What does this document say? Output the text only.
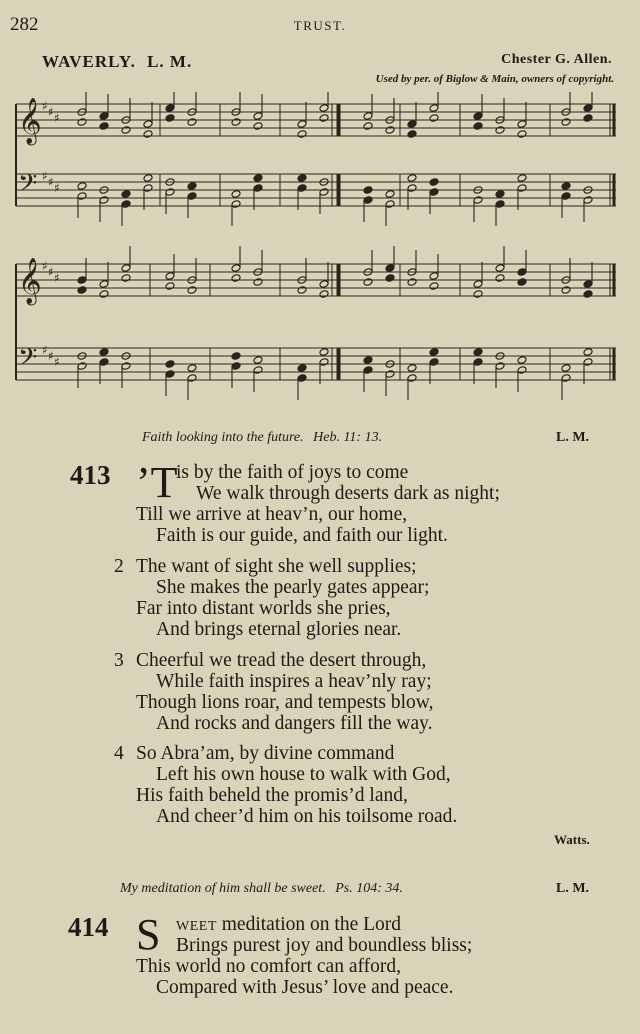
282	TRUST.
WAVERLY. L. M.	Chester G. Allen.
Used by per. of Biglow & Main, owners of copyright.
𝄞 ♯ ♯ ♯
𝄢 ♯ ♯ ♯
𝄞 ♯ ♯ ♯
𝄢 ♯ ♯ ♯
Faith looking into the future. Heb. 11: 13.	L. M.
413 ’T
is by the faith of joys to come
We walk through deserts dark as night;
Till we arrive at heav’n, our home,
Faith is our guide, and faith our light.
2 The want of sight she well supplies;
She makes the pearly gates appear;
Far into distant worlds she pries,
And brings eternal glories near.
3 Cheerful we tread the desert through,
While faith inspires a heav’nly ray;
Though lions roar, and tempests blow,
And rocks and dangers fill the way.
4 So Abra’am, by divine command
Left his own house to walk with God,
His faith beheld the promis’d land,
And cheer’d him on his toilsome road.
Watts.
My meditation of him shall be sweet. Ps. 104: 34.	L. M.
414 S WEET meditation on the Lord
Brings purest joy and boundless bliss;
This world no comfort can afford,
Compared with Jesus’ love and peace.
